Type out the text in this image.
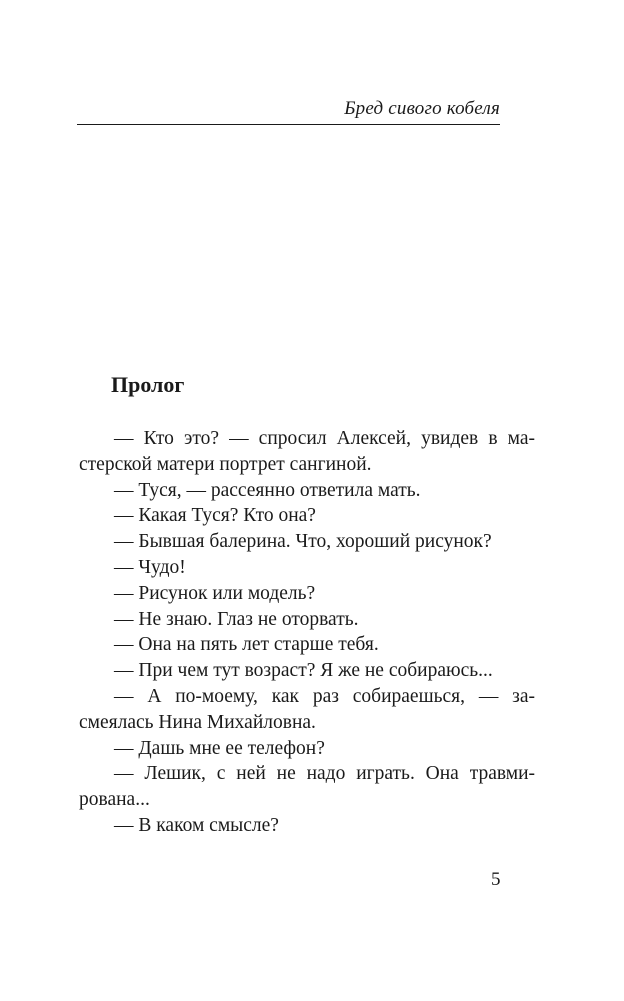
Бред сивого кобеля
Пролог
— Кто это? — спросил Алексей, увидев в ма-
стерской матери портрет сангиной.
— Туся, — рассеянно ответила мать.
— Какая Туся? Кто она?
— Бывшая балерина. Что, хороший рисунок?
— Чудо!
— Рисунок или модель?
— Не знаю. Глаз не оторвать.
— Она на пять лет старше тебя.
— При чем тут возраст? Я же не собираюсь...
— А по-моему, как раз собираешься, — за-
смеялась Нина Михайловна.
— Дашь мне ее телефон?
— Лешик, с ней не надо играть. Она травми-
рована...
— В каком смысле?
5
